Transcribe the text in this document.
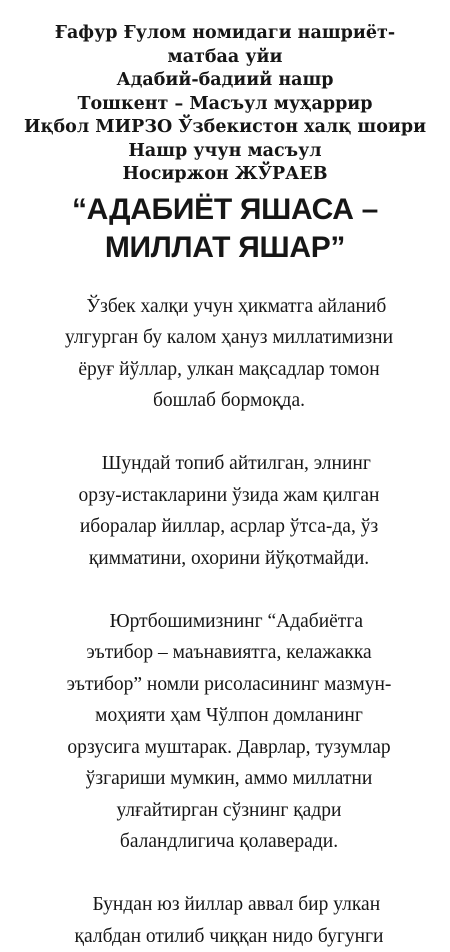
Ғафур Ғулом номидаги нашриёт-
матбаа уйи
Адабий-бадиий нашр
Тошкент – Масъул муҳаррир
Иқбол МИРЗО Ўзбекистон халқ шоири
Нашр учун масъул
Носиржон ЖЎРАЕВ
“АДАБИЁТ ЯШАСА –
МИЛЛАТ ЯШАР”

Ўзбек халқи учун ҳикматга айланиб
улгурган бу калом ҳануз миллатимизни
ёруғ йўллар, улкан мақсадлар томон
бошлаб бормоқда.

Шундай топиб айтилган, элнинг
орзу-истакларини ўзида жам қилган
иборалар йиллар, асрлар ўтса-да, ўз
қимматини, охорини йўқотмайди.

Юртбошимизнинг “Адабиётга
эътибор – маънавиятга, келажакка
эътибор” номли рисоласининг мазмун-
моҳияти ҳам Чўлпон домланинг
орзусига муштарак. Даврлар, тузумлар
ўзгариши мумкин, аммо миллатни
улғайтирган сўзнинг қадри
баландлигича қолаверади.

Бундан юз йиллар аввал бир улкан
қалбдан отилиб чиққан нидо бугунги
